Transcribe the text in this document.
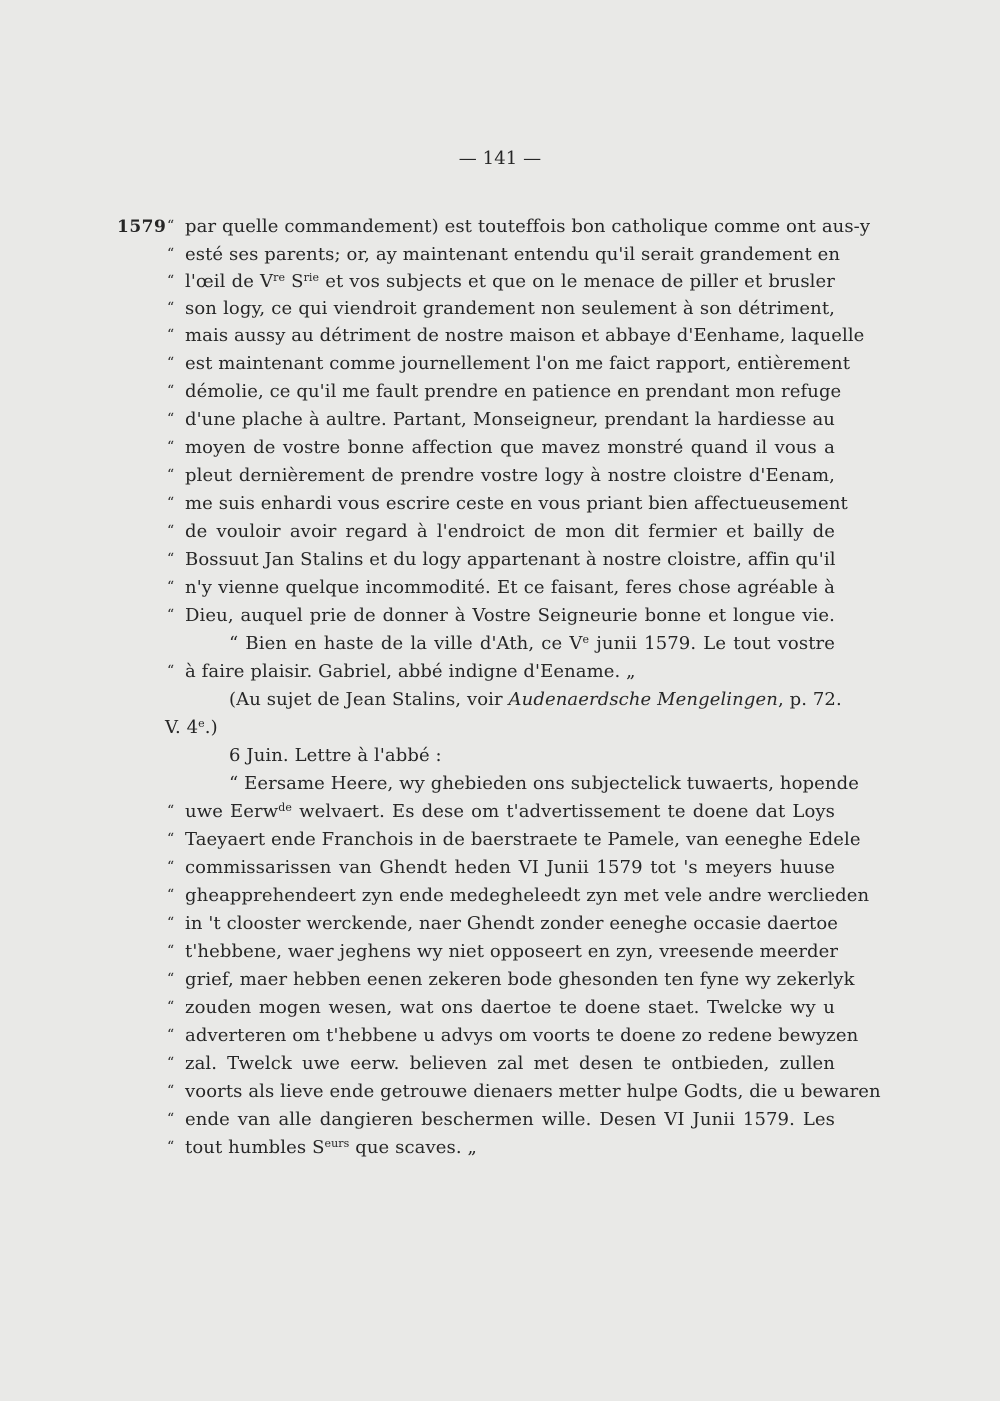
— 141 —
1579 “ par quelle commandement) est touteffois bon catholique comme ont aus-y
“ esté ses parents; or, ay maintenant entendu qu'il serait grandement en
“ l'œil de Vre $S^{rie}$ et vos subjects et que on le menace de piller et brusler
“ son logy, ce qui viendroit grandement non seulement à son détriment,
“ mais aussy au détriment de nostre maison et abbaye d'Eenhame, laquelle
“ est maintenant comme journellement l'on me faict rapport, entièrement
“ démolie, ce qu'il me fault prendre en patience en prendant mon refuge
“ d'une plache à aultre. Partant, Monseigneur, prendant la hardiesse au
“ moyen de vostre bonne affection que mavez monstré quand il vous a
“ pleut dernièrement de prendre vostre logy à nostre cloistre d'Eenam,
“ me suis enhardi vous escrire ceste en vous priant bien affectueusement
“ de vouloir avoir regard à l'endroict de mon dit fermier et bailly de
“ Bossuut Jan Stalins et du logy appartenant à nostre cloistre, affin qu'il
“ n'y vienne quelque incommodité. Et ce faisant, feres chose agréable à
“ Dieu, auquel prie de donner à Vostre Seigneurie bonne et longue vie.
“ Bien en haste de la ville d'Ath, ce Ve junii 1579. Le tout vostre
“ à faire plaisir. Gabriel, abbé indigne d'Eename. „
(Au sujet de Jean Stalins, voir Audenaerdsche Mengelingen, p. 72.
V. 4e.)
6 Juin. Lettre à l'abbé :
“ Eersame Heere, wy ghebieden ons subjectelick tuwaerts, hopende
“ uwe Eerw$^{de}$ welvaert. Es dese om t'advertissement te doene dat Loys
“ Taeyaert ende Franchois in de baerstraete te Pamele, van eeneghe Edele
“ commissarissen van Ghendt heden VI Junii 1579 tot 's meyers huuse
“ gheapprehendeert zyn ende medegheleedt zyn met vele andre werclieden
“ in 't clooster werckende, naer Ghendt zonder eeneghe occasie daertoe
“ t'hebbene, waer jeghens wy niet opposeert en zyn, vreesende meerder
“ grief, maer hebben eenen zekeren bode ghesonden ten fyne wy zekerlyk
“ zouden mogen wesen, wat ons daertoe te doene staet. Twelcke wy u
“ adverteren om t'hebbene u advys om voorts te doene zo redene bewyzen
“ zal. Twelck uwe eerw. believen zal met desen te ontbieden, zullen
“ voorts als lieve ende getrouwe dienaers metter hulpe Godts, die u bewaren
“ ende van alle dangieren beschermen wille. Desen VI Junii 1579. Les
“ tout humbles $S^{eurs}$ que scaves. „
